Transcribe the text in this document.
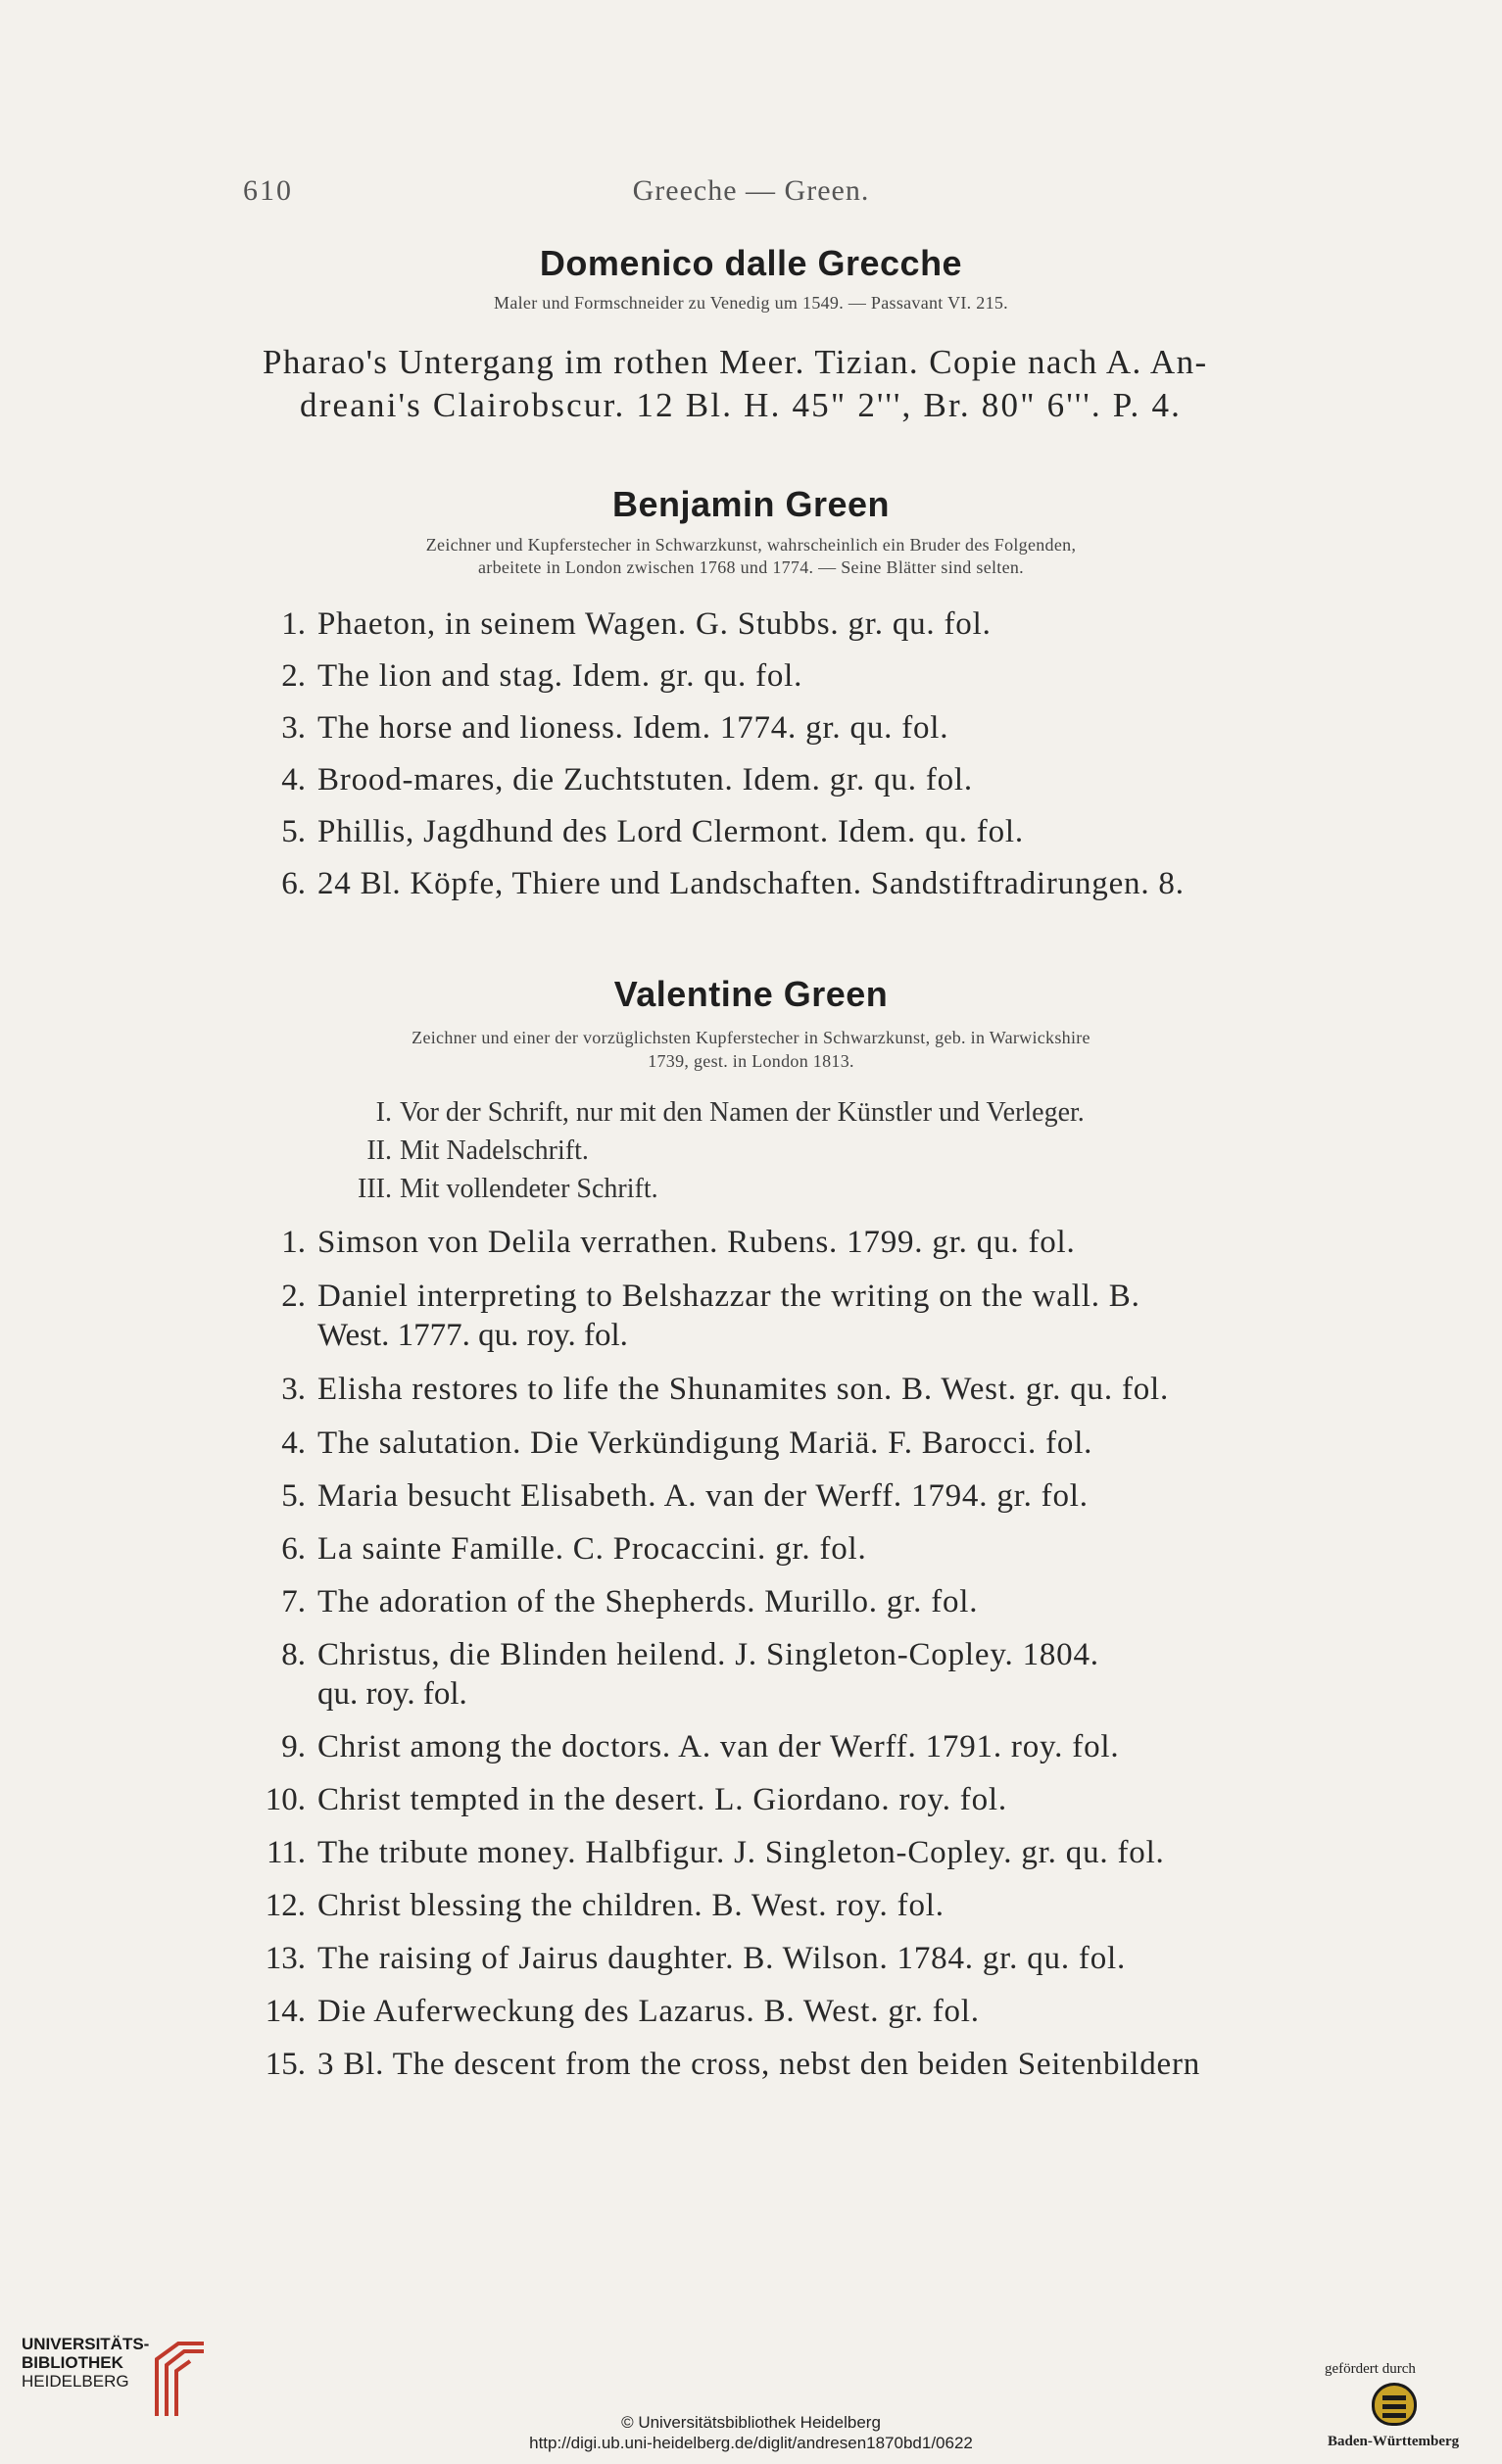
610	Greeche — Green.
Domenico dalle Grecche
Maler und Formschneider zu Venedig um 1549. — Passavant VI. 215.
Pharao's Untergang im rothen Meer. Tizian. Copie nach A. An-
dreani's Clairobscur. 12 Bl. H. 45" 2''', Br. 80" 6'''. P. 4.
Benjamin Green
Zeichner und Kupferstecher in Schwarzkunst, wahrscheinlich ein Bruder des Folgenden,
arbeitete in London zwischen 1768 und 1774. — Seine Blätter sind selten.
1. Phaeton, in seinem Wagen. G. Stubbs. gr. qu. fol.
2. The lion and stag. Idem. gr. qu. fol.
3. The horse and lioness. Idem. 1774. gr. qu. fol.
4. Brood-mares, die Zuchtstuten. Idem. gr. qu. fol.
5. Phillis, Jagdhund des Lord Clermont. Idem. qu. fol.
6. 24 Bl. Köpfe, Thiere und Landschaften. Sandstiftradirungen. 8.
Valentine Green
Zeichner und einer der vorzüglichsten Kupferstecher in Schwarzkunst, geb. in Warwickshire
1739, gest. in London 1813.
I. Vor der Schrift, nur mit den Namen der Künstler und Verleger.
II. Mit Nadelschrift.
III. Mit vollendeter Schrift.
1. Simson von Delila verrathen. Rubens. 1799. gr. qu. fol.
2. Daniel interpreting to Belshazzar the writing on the wall. B.
West. 1777. qu. roy. fol.
3. Elisha restores to life the Shunamites son. B. West. gr. qu. fol.
4. The salutation. Die Verkündigung Mariä. F. Barocci. fol.
5. Maria besucht Elisabeth. A. van der Werff. 1794. gr. fol.
6. La sainte Famille. C. Procaccini. gr. fol.
7. The adoration of the Shepherds. Murillo. gr. fol.
8. Christus, die Blinden heilend. J. Singleton-Copley. 1804.
qu. roy. fol.
9. Christ among the doctors. A. van der Werff. 1791. roy. fol.
10. Christ tempted in the desert. L. Giordano. roy. fol.
11. The tribute money. Halbfigur. J. Singleton-Copley. gr. qu. fol.
12. Christ blessing the children. B. West. roy. fol.
13. The raising of Jairus daughter. B. Wilson. 1784. gr. qu. fol.
14. Die Auferweckung des Lazarus. B. West. gr. fol.
15. 3 Bl. The descent from the cross, nebst den beiden Seitenbildern
UNIVERSITÄTS-
BIBLIOTHEK
HEIDELBERG
© Universitätsbibliothek Heidelberg
http://digi.ub.uni-heidelberg.de/diglit/andresen1870bd1/0622
gefördert durch
Baden-Württemberg
